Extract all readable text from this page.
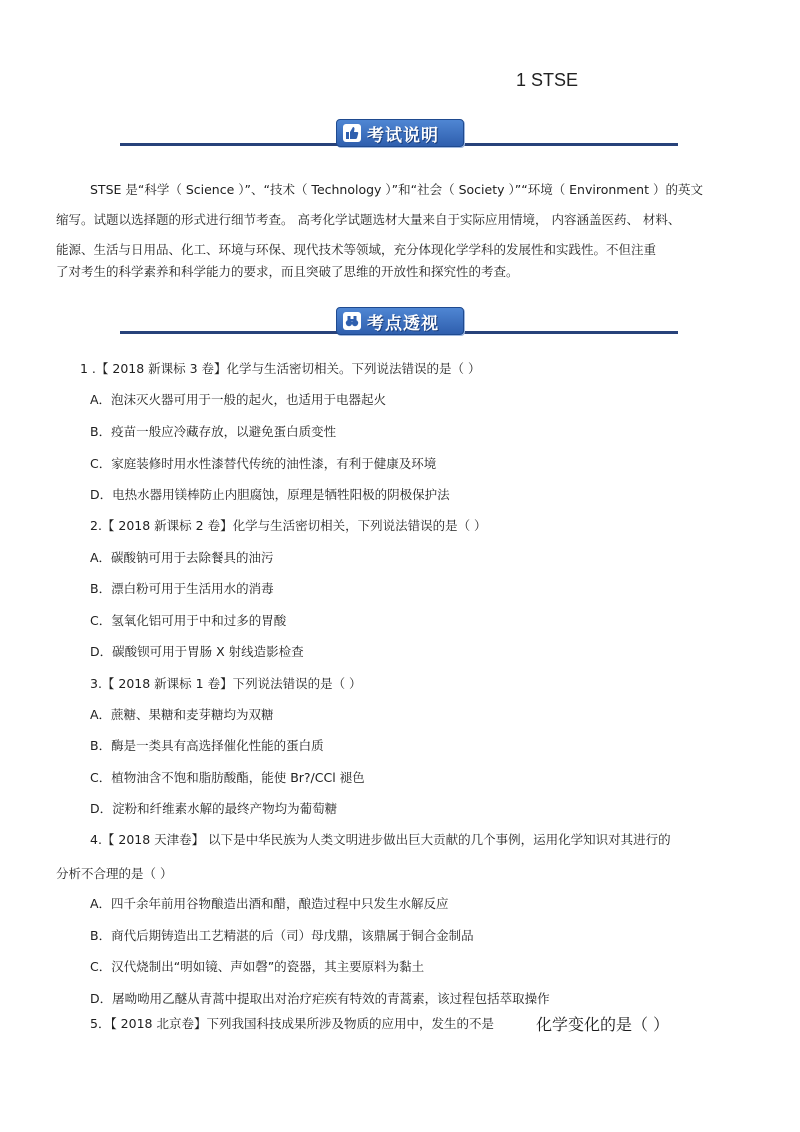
1 STSE
考试说明
STSE 是“科学（ Science ）”、“技术（ Technology ）”和“社会（ Society ）”“环境（ Environment ）的英文
缩写。试题以选择题的形式进行细节考查。 高考化学试题选材大量来自于实际应用情境， 内容涵盖医药、 材料、
能源、生活与日用品、化工、环境与环保、现代技术等领域，充分体现化学学科的发展性和实践性。不但注重
了对考生的科学素养和科学能力的要求，而且突破了思维的开放性和探究性的考查。
考点透视
1 .【 2018 新课标 3 卷】化学与生活密切相关。下列说法错误的是（ ）
A．泡沫灭火器可用于一般的起火，也适用于电器起火
B．疫苗一般应冷藏存放，以避免蛋白质变性
C．家庭装修时用水性漆替代传统的油性漆，有利于健康及环境
D．电热水器用镁棒防止内胆腐蚀，原理是牺牲阳极的阴极保护法
2.【 2018 新课标 2 卷】化学与生活密切相关，下列说法错误的是（ ）
A．碳酸钠可用于去除餐具的油污
B．漂白粉可用于生活用水的消毒
C．氢氧化铝可用于中和过多的胃酸
D．碳酸钡可用于胃肠 X 射线造影检查
3.【 2018 新课标 1 卷】下列说法错误的是（ ）
A．蔗糖、果糖和麦芽糖均为双糖
B．酶是一类具有高选择催化性能的蛋白质
C．植物油含不饱和脂肪酸酯，能使 Br?/CCl 褪色
D．淀粉和纤维素水解的最终产物均为葡萄糖
4.【 2018 天津卷】 以下是中华民族为人类文明进步做出巨大贡献的几个事例，运用化学知识对其进行的
分析不合理的是（ ）
A．四千余年前用谷物酿造出酒和醋，酿造过程中只发生水解反应
B．商代后期铸造出工艺精湛的后（司）母戊鼎，该鼎属于铜合金制品
C．汉代烧制出“明如镜、声如磬”的瓷器，其主要原料为黏土
D．屠呦呦用乙醚从青蒿中提取出对治疗疟疾有特效的青蒿素，该过程包括萃取操作
5．【 2018 北京卷】下列我国科技成果所涉及物质的应用中，发生的不是	化学变化的是（ ）
